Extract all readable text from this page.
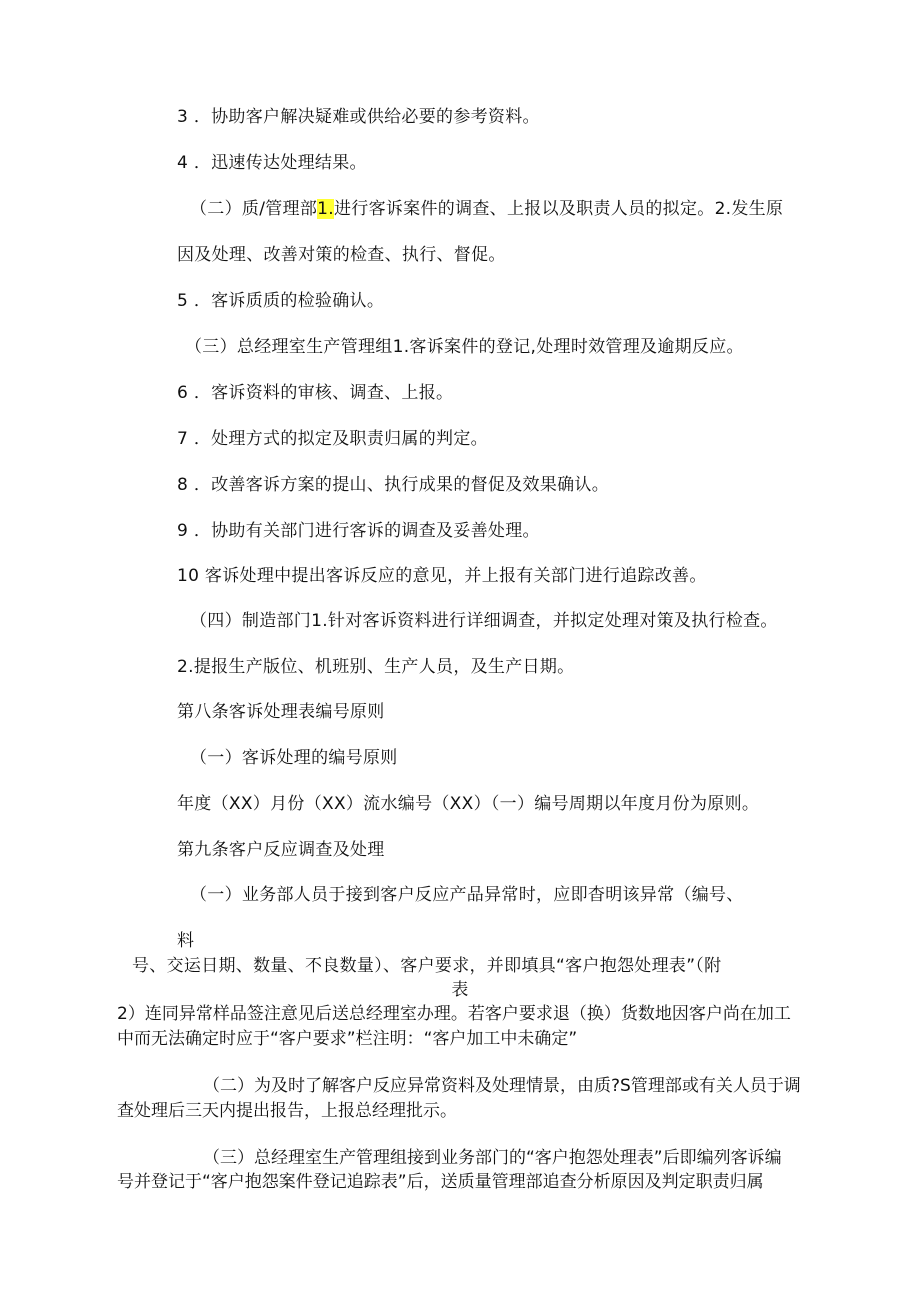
3 ．协助客户解决疑难或供给必要的参考资料。
4 ．迅速传达处理结果。
（二）质/管理部1.进行客诉案件的调查、上报以及职责人员的拟定。2.发生原
因及处理、改善对策的检查、执行、督促。
5 ．客诉质质的检验确认。
（三）总经理室生产管理组1.客诉案件的登记,处理时效管理及逾期反应。
6 ．客诉资料的审核、调查、上报。
7 ．处理方式的拟定及职责归属的判定。
8 ．改善客诉方案的提山、执行成果的督促及效果确认。
9 ．协助有关部门进行客诉的调查及妥善处理。
10 客诉处理中提出客诉反应的意见，并上报有关部门进行追踪改善。
（四）制造部门1.针对客诉资料进行详细调查，并拟定处理对策及执行检查。
2.提报生产版位、机班别、生产人员，及生产日期。
第八条客诉处理表编号原则
（一）客诉处理的编号原则
年度（XX）月份（XX）流水编号（XX）（一）编号周期以年度月份为原则。
第九条客户反应调查及处理
（一）业务部人员于接到客户反应产品异常时，应即杳明该异常（编号、
料
号、交运日期、数量、不良数量）、客户要求，并即填具“客户抱怨处理表”（附
表
2）连同异常样品签注意见后送总经理室办理。若客户要求退（换）货数地因客户尚在加工
中而无法确定时应于“客户要求”栏注明：“客户加工中未确定”
（二）为及时了解客户反应异常资料及处理情景，由质?S管理部或有关人员于调
查处理后三天内提出报告，上报总经理批示。
（三）总经理室生产管理组接到业务部门的“客户抱怨处理表”后即编列客诉编
号并登记于“客户抱怨案件登记追踪表”后，送质量管理部追查分析原因及判定职责归属
